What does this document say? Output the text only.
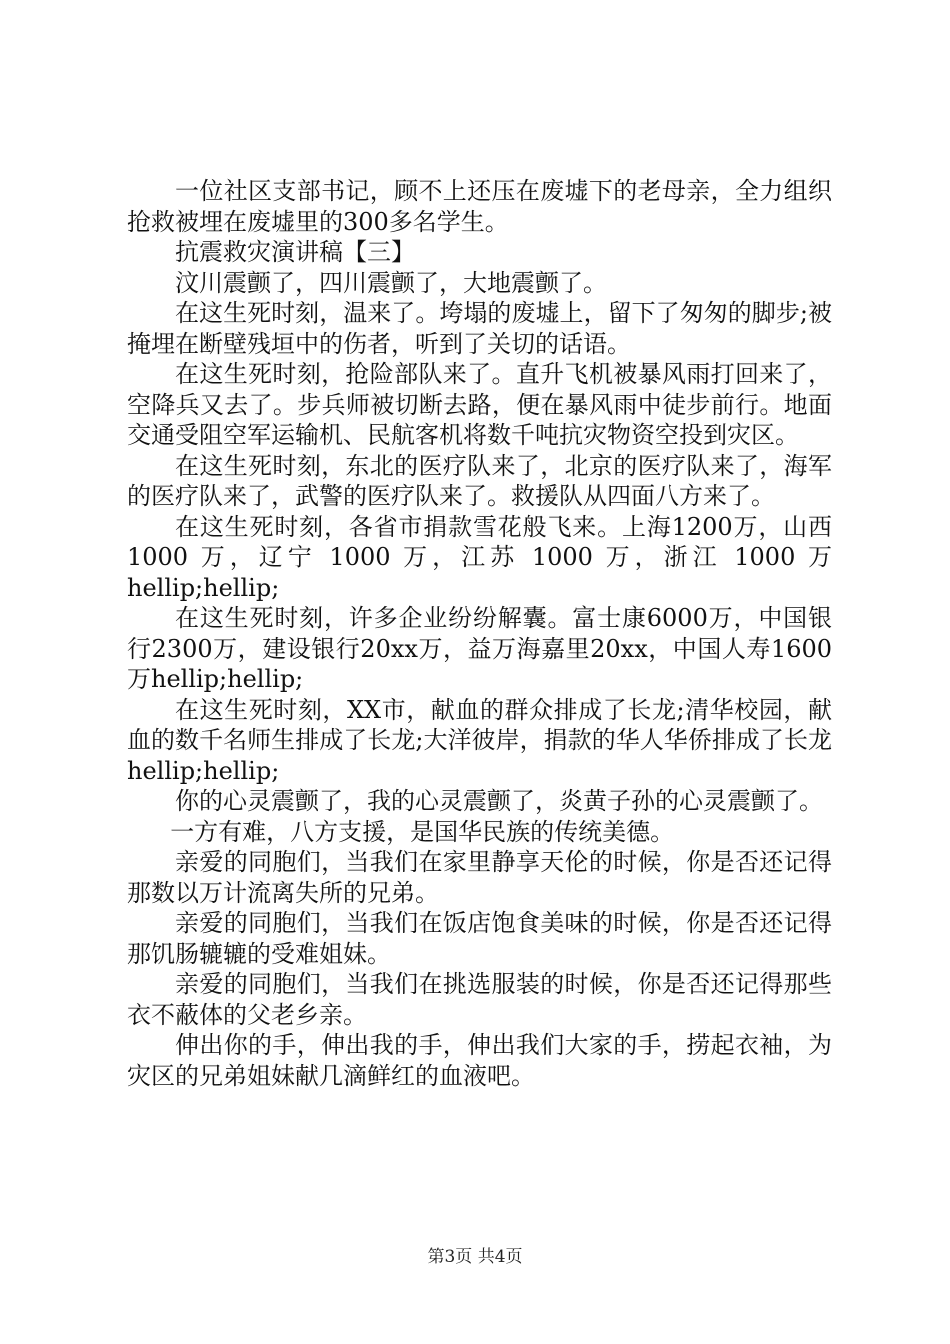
一位社区支部书记，顾不上还压在废墟下的老母亲，全力组织抢救被埋在废墟里的300多名学生。

抗震救灾演讲稿【三】

汶川震颤了，四川震颤了，大地震颤了。

在这生死时刻，温来了。垮塌的废墟上，留下了匆匆的脚步;被掩埋在断壁残垣中的伤者，听到了关切的话语。

在这生死时刻，抢险部队来了。直升飞机被暴风雨打回来了，空降兵又去了。步兵师被切断去路，便在暴风雨中徒步前行。地面交通受阻空军运输机、民航客机将数千吨抗灾物资空投到灾区。

在这生死时刻，东北的医疗队来了，北京的医疗队来了，海军的医疗队来了，武警的医疗队来了。救援队从四面八方来了。

在这生死时刻，各省市捐款雪花般飞来。上海1200万，山西 1000 万，辽宁 1000 万，江苏 1000 万，浙江 1000 万hellip;hellip;

在这生死时刻，许多企业纷纷解囊。富士康6000万，中国银行2300万，建设银行20xx万，益万海嘉里20xx，中国人寿1600万hellip;hellip;

在这生死时刻，XX市，献血的群众排成了长龙;清华校园，献血的数千名师生排成了长龙;大洋彼岸，捐款的华人华侨排成了长龙hellip;hellip;

你的心灵震颤了，我的心灵震颤了，炎黄子孙的心灵震颤了。

一方有难，八方支援，是国华民族的传统美德。

亲爱的同胞们，当我们在家里静享天伦的时候，你是否还记得那数以万计流离失所的兄弟。

亲爱的同胞们，当我们在饭店饱食美味的时候，你是否还记得那饥肠辘辘的受难姐妹。

亲爱的同胞们，当我们在挑选服装的时候，你是否还记得那些衣不蔽体的父老乡亲。

伸出你的手，伸出我的手，伸出我们大家的手，捞起衣袖，为灾区的兄弟姐妹献几滴鲜红的血液吧。

第3页 共4页
